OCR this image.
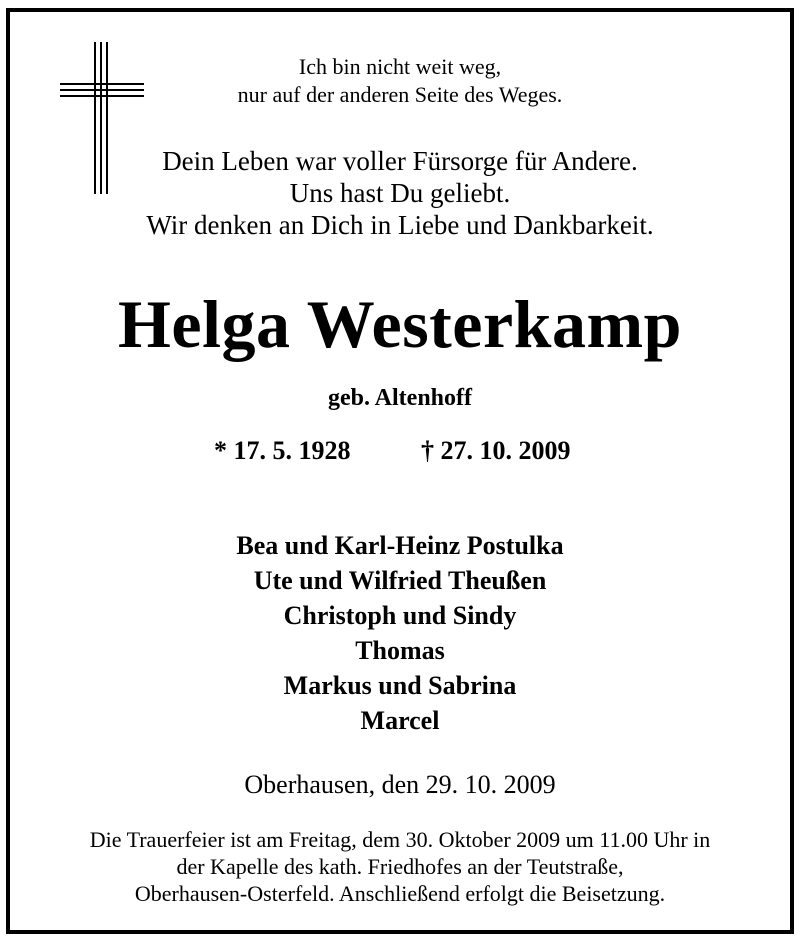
Ich bin nicht weit weg,
nur auf der anderen Seite des Weges.
Dein Leben war voller Fürsorge für Andere.
Uns hast Du geliebt.
Wir denken an Dich in Liebe und Dankbarkeit.
Helga Westerkamp
geb. Altenhoff
* 17. 5. 1928	† 27. 10. 2009
Bea und Karl-Heinz Postulka
Ute und Wilfried Theußen
Christoph und Sindy
Thomas
Markus und Sabrina
Marcel
Oberhausen, den 29. 10. 2009
Die Trauerfeier ist am Freitag, dem 30. Oktober 2009 um 11.00 Uhr in
der Kapelle des kath. Friedhofes an der Teutstraße,
Oberhausen-Osterfeld. Anschließend erfolgt die Beisetzung.
